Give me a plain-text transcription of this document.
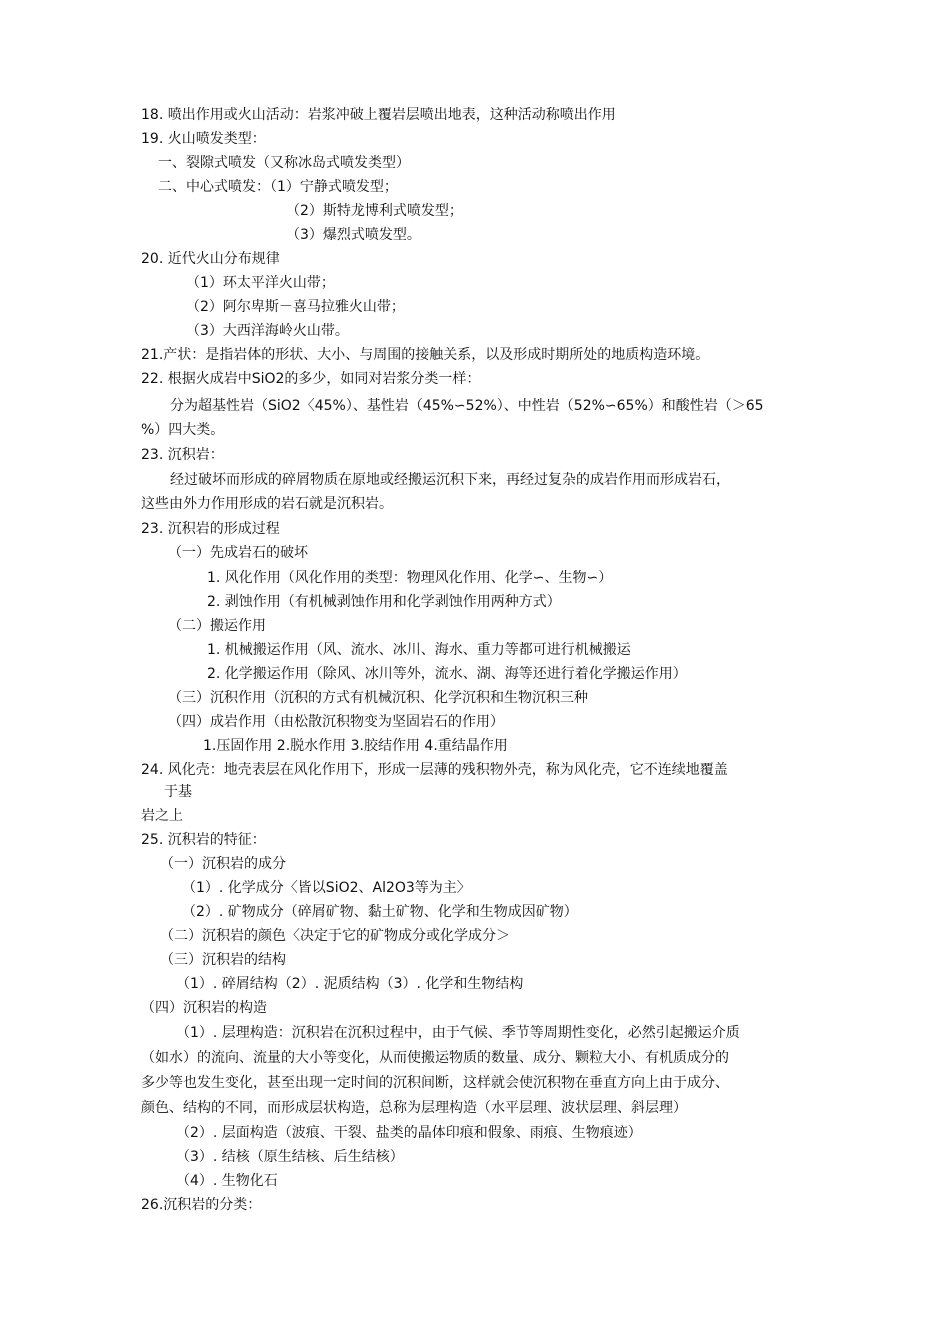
18. 喷出作用或火山活动：岩浆冲破上覆岩层喷出地表，这种活动称喷出作用
19. 火山喷发类型：
一、裂隙式喷发（又称冰岛式喷发类型）
二、中心式喷发：（1）宁静式喷发型；
（2）斯特龙博利式喷发型；
（3）爆烈式喷发型。
20. 近代火山分布规律
（1）环太平洋火山带；
（2）阿尔卑斯－喜马拉雅火山带；
（3）大西洋海岭火山带。
21.产状：是指岩体的形状、大小、与周围的接触关系，以及形成时期所处的地质构造环境。
22. 根据火成岩中SiO2的多少，如同对岩浆分类一样：
分为超基性岩（SiO2〈45%）、基性岩（45%∽52%）、中性岩（52%∽65%）和酸性岩（＞65
%）四大类。
23. 沉积岩：
经过破坏而形成的碎屑物质在原地或经搬运沉积下来，再经过复杂的成岩作用而形成岩石，
这些由外力作用形成的岩石就是沉积岩。
23. 沉积岩的形成过程
（一）先成岩石的破坏
1. 风化作用（风化作用的类型：物理风化作用、化学∽、生物∽）
2. 剥蚀作用（有机械剥蚀作用和化学剥蚀作用两种方式）
（二）搬运作用
1. 机械搬运作用（风、流水、冰川、海水、重力等都可进行机械搬运
2. 化学搬运作用（除风、冰川等外，流水、湖、海等还进行着化学搬运作用）
（三）沉积作用（沉积的方式有机械沉积、化学沉积和生物沉积三种
（四）成岩作用（由松散沉积物变为坚固岩石的作用）
1.压固作用 2.脱水作用 3.胶结作用 4.重结晶作用
24. 风化壳：地壳表层在风化作用下，形成一层薄的残积物外壳，称为风化壳，它不连续地覆盖
于基
岩之上
25. 沉积岩的特征：
（一）沉积岩的成分
（1）. 化学成分〈皆以SiO2、Al2O3等为主〉
（2）. 矿物成分（碎屑矿物、黏土矿物、化学和生物成因矿物）
（二）沉积岩的颜色〈决定于它的矿物成分或化学成分＞
（三）沉积岩的结构
（1）. 碎屑结构（2）. 泥质结构（3）. 化学和生物结构
（四）沉积岩的构造
（1）. 层理构造：沉积岩在沉积过程中，由于气候、季节等周期性变化，必然引起搬运介质
（如水）的流向、流量的大小等变化，从而使搬运物质的数量、成分、颗粒大小、有机质成分的
多少等也发生变化，甚至出现一定时间的沉积间断，这样就会使沉积物在垂直方向上由于成分、
颜色、结构的不同，而形成层状构造，总称为层理构造（水平层理、波状层理、斜层理）
（2）. 层面构造（波痕、干裂、盐类的晶体印痕和假象、雨痕、生物痕迹）
（3）. 结核（原生结核、后生结核）
（4）. 生物化石
26.沉积岩的分类：
